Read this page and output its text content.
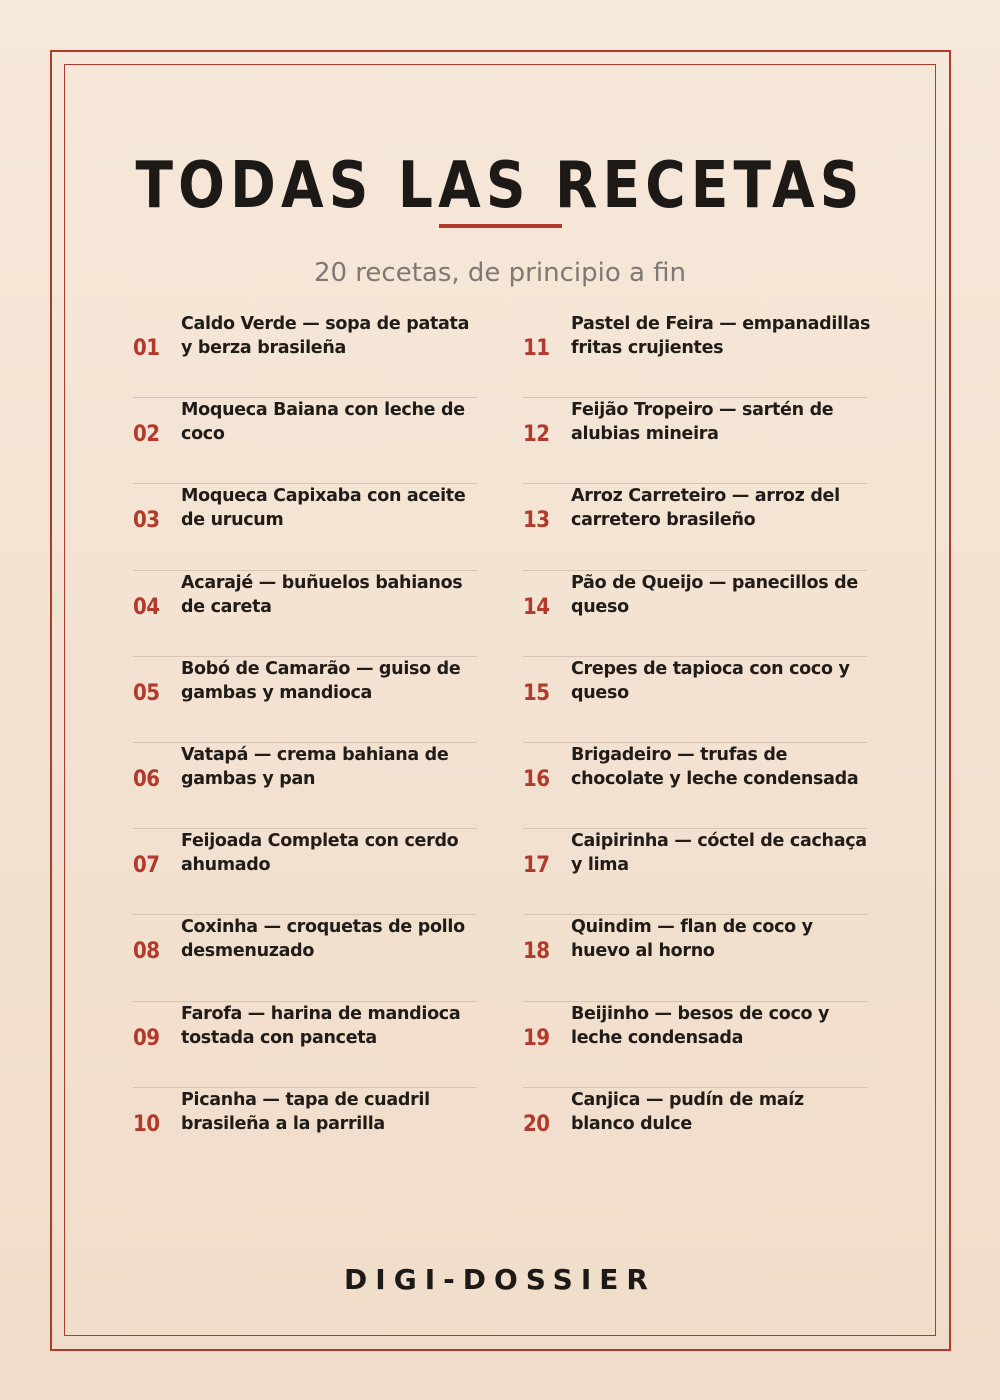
TODAS LAS RECETAS
20 recetas, de principio a fin
01
Caldo Verde — sopa de patata y berza brasileña
02
Moqueca Baiana con leche de coco
03
Moqueca Capixaba con aceite de urucum
04
Acarajé — buñuelos bahianos de careta
05
Bobó de Camarão — guiso de gambas y mandioca
06
Vatapá — crema bahiana de gambas y pan
07
Feijoada Completa con cerdo ahumado
08
Coxinha — croquetas de pollo desmenuzado
09
Farofa — harina de mandioca tostada con panceta
10
Picanha — tapa de cuadril brasileña a la parrilla
11
Pastel de Feira — empanadillas fritas crujientes
12
Feijão Tropeiro — sartén de alubias mineira
13
Arroz Carreteiro — arroz del carretero brasileño
14
Pão de Queijo — panecillos de queso
15
Crepes de tapioca con coco y queso
16
Brigadeiro — trufas de chocolate y leche condensada
17
Caipirinha — cóctel de cachaça y lima
18
Quindim — flan de coco y huevo al horno
19
Beijinho — besos de coco y leche condensada
20
Canjica — pudín de maíz blanco dulce
DIGI-DOSSIER
